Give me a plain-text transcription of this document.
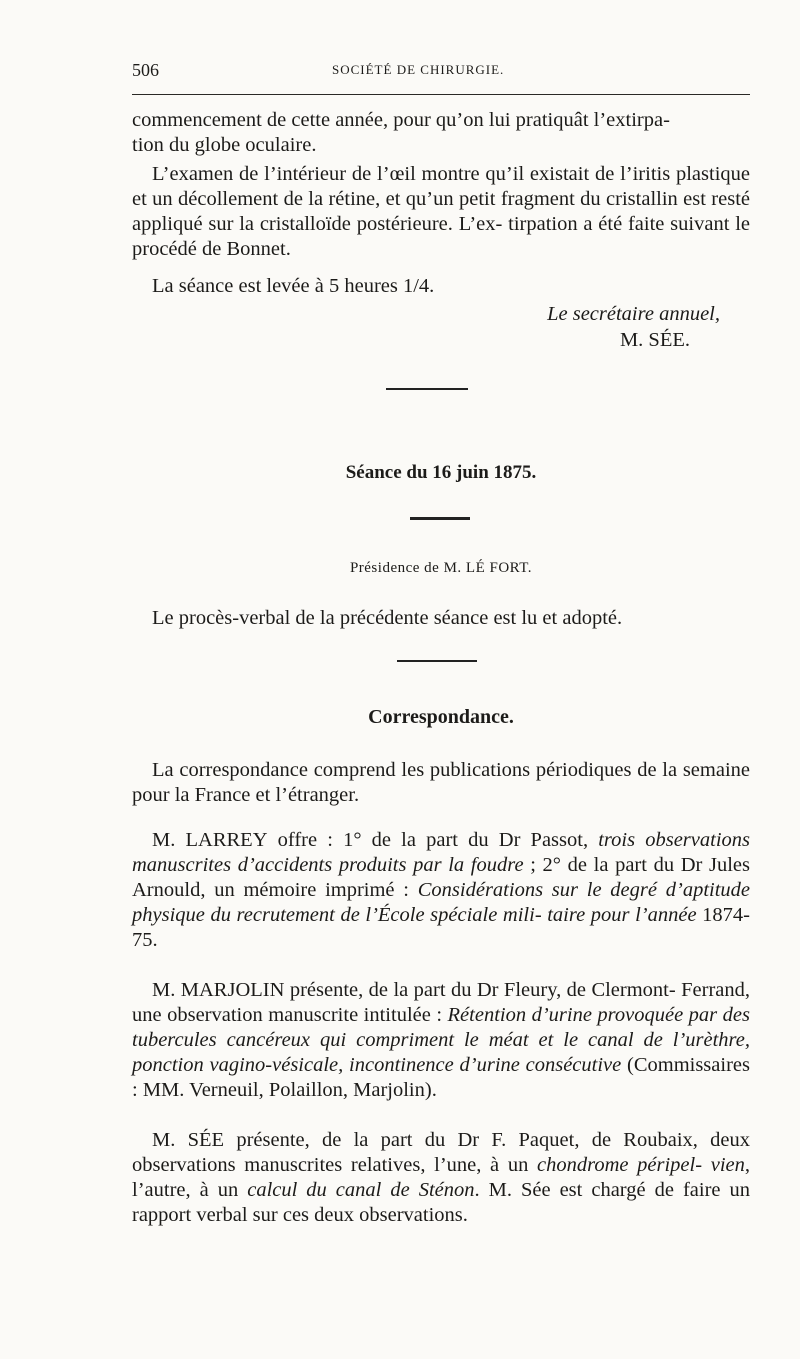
506	SOCIÉTÉ DE CHIRURGIE.

commencement de cette année, pour qu’on lui pratiquât l’extirpa-
tion du globe oculaire.

L’examen de l’intérieur de l’œil montre qu’il existait de l’iritis plastique et un décollement de la rétine, et qu’un petit fragment du cristallin est resté appliqué sur la cristalloïde postérieure. L’ex- tirpation a été faite suivant le procédé de Bonnet.

La séance est levée à 5 heures 1/4.

Le secrétaire annuel,

M. SÉE.

Séance du 16 juin 1875.
Présidence de M. LÉ FORT.

Le procès-verbal de la précédente séance est lu et adopté.

Correspondance.

La correspondance comprend les publications périodiques de la semaine pour la France et l’étranger.

M. LARREY offre : 1° de la part du Dr Passot, trois observations manuscrites d’accidents produits par la foudre ; 2° de la part du Dr Jules Arnould, un mémoire imprimé : Considérations sur le degré d’aptitude physique du recrutement de l’École spéciale mili- taire pour l’année 1874-75.

M. MARJOLIN présente, de la part du Dr Fleury, de Clermont- Ferrand, une observation manuscrite intitulée : Rétention d’urine provoquée par des tubercules cancéreux qui compriment le méat et le canal de l’urèthre, ponction vagino-vésicale, incontinence d’urine consécutive (Commissaires : MM. Verneuil, Polaillon, Marjolin).

M. SÉE présente, de la part du Dr F. Paquet, de Roubaix, deux observations manuscrites relatives, l’une, à un chondrome péripel- vien, l’autre, à un calcul du canal de Sténon. M. Sée est chargé de faire un rapport verbal sur ces deux observations.
